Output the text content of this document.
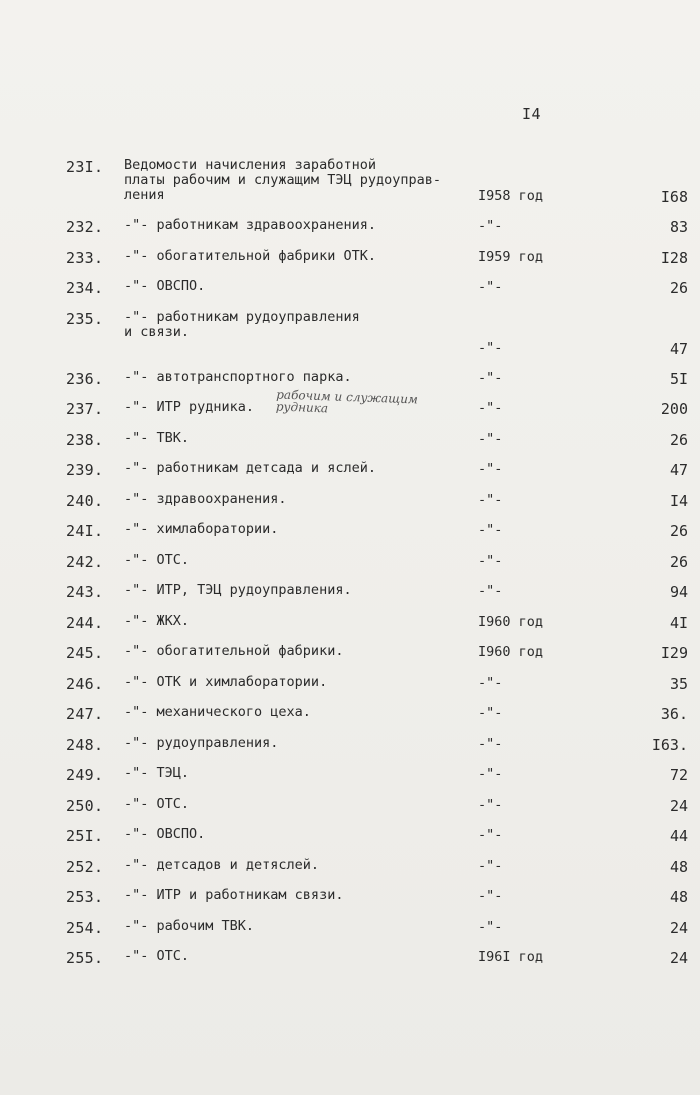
I4
23I. Ведомости начисления заработной
платы рабочим и служащим ТЭЦ рудоуправ-
ления	I958 год	I68
232. -"- работникам здравоохранения.	-"-	83
233. -"- обогатительной фабрики ОТК.	I959 год	I28
234. -"- ОВСПО.	-"-	26
235. -"- работникам рудоуправления
и связи.
-"-	47
236. -"- автотранспортного парка.	-"-	5I
237. -"- ИТР рудника.
рабочим и служащим
рудника	-"-	200
238. -"- ТВК.	-"-	26
239. -"- работникам детсада и яслей.	-"-	47
240. -"- здравоохранения.	-"-	I4
24I. -"- химлаборатории.	-"-	26
242. -"- ОТС.	-"-	26
243. -"- ИТР, ТЭЦ рудоуправления.	-"-	94
244. -"- ЖКХ.	I960 год	4I
245. -"- обогатительной фабрики.	I960 год	I29
246. -"- ОТК и химлаборатории.	-"-	35
247. -"- механического цеха.	-"-	36.
248. -"- рудоуправления.	-"-	I63.
249. -"- ТЭЦ.	-"-	72
250. -"- ОТС.	-"-	24
25I. -"- ОВСПО.	-"-	44
252. -"- детсадов и детяслей.	-"-	48
253. -"- ИТР и работникам связи.	-"-	48
254. -"- рабочим ТВК.	-"-	24
255. -"- ОТС.	I96I год	24
